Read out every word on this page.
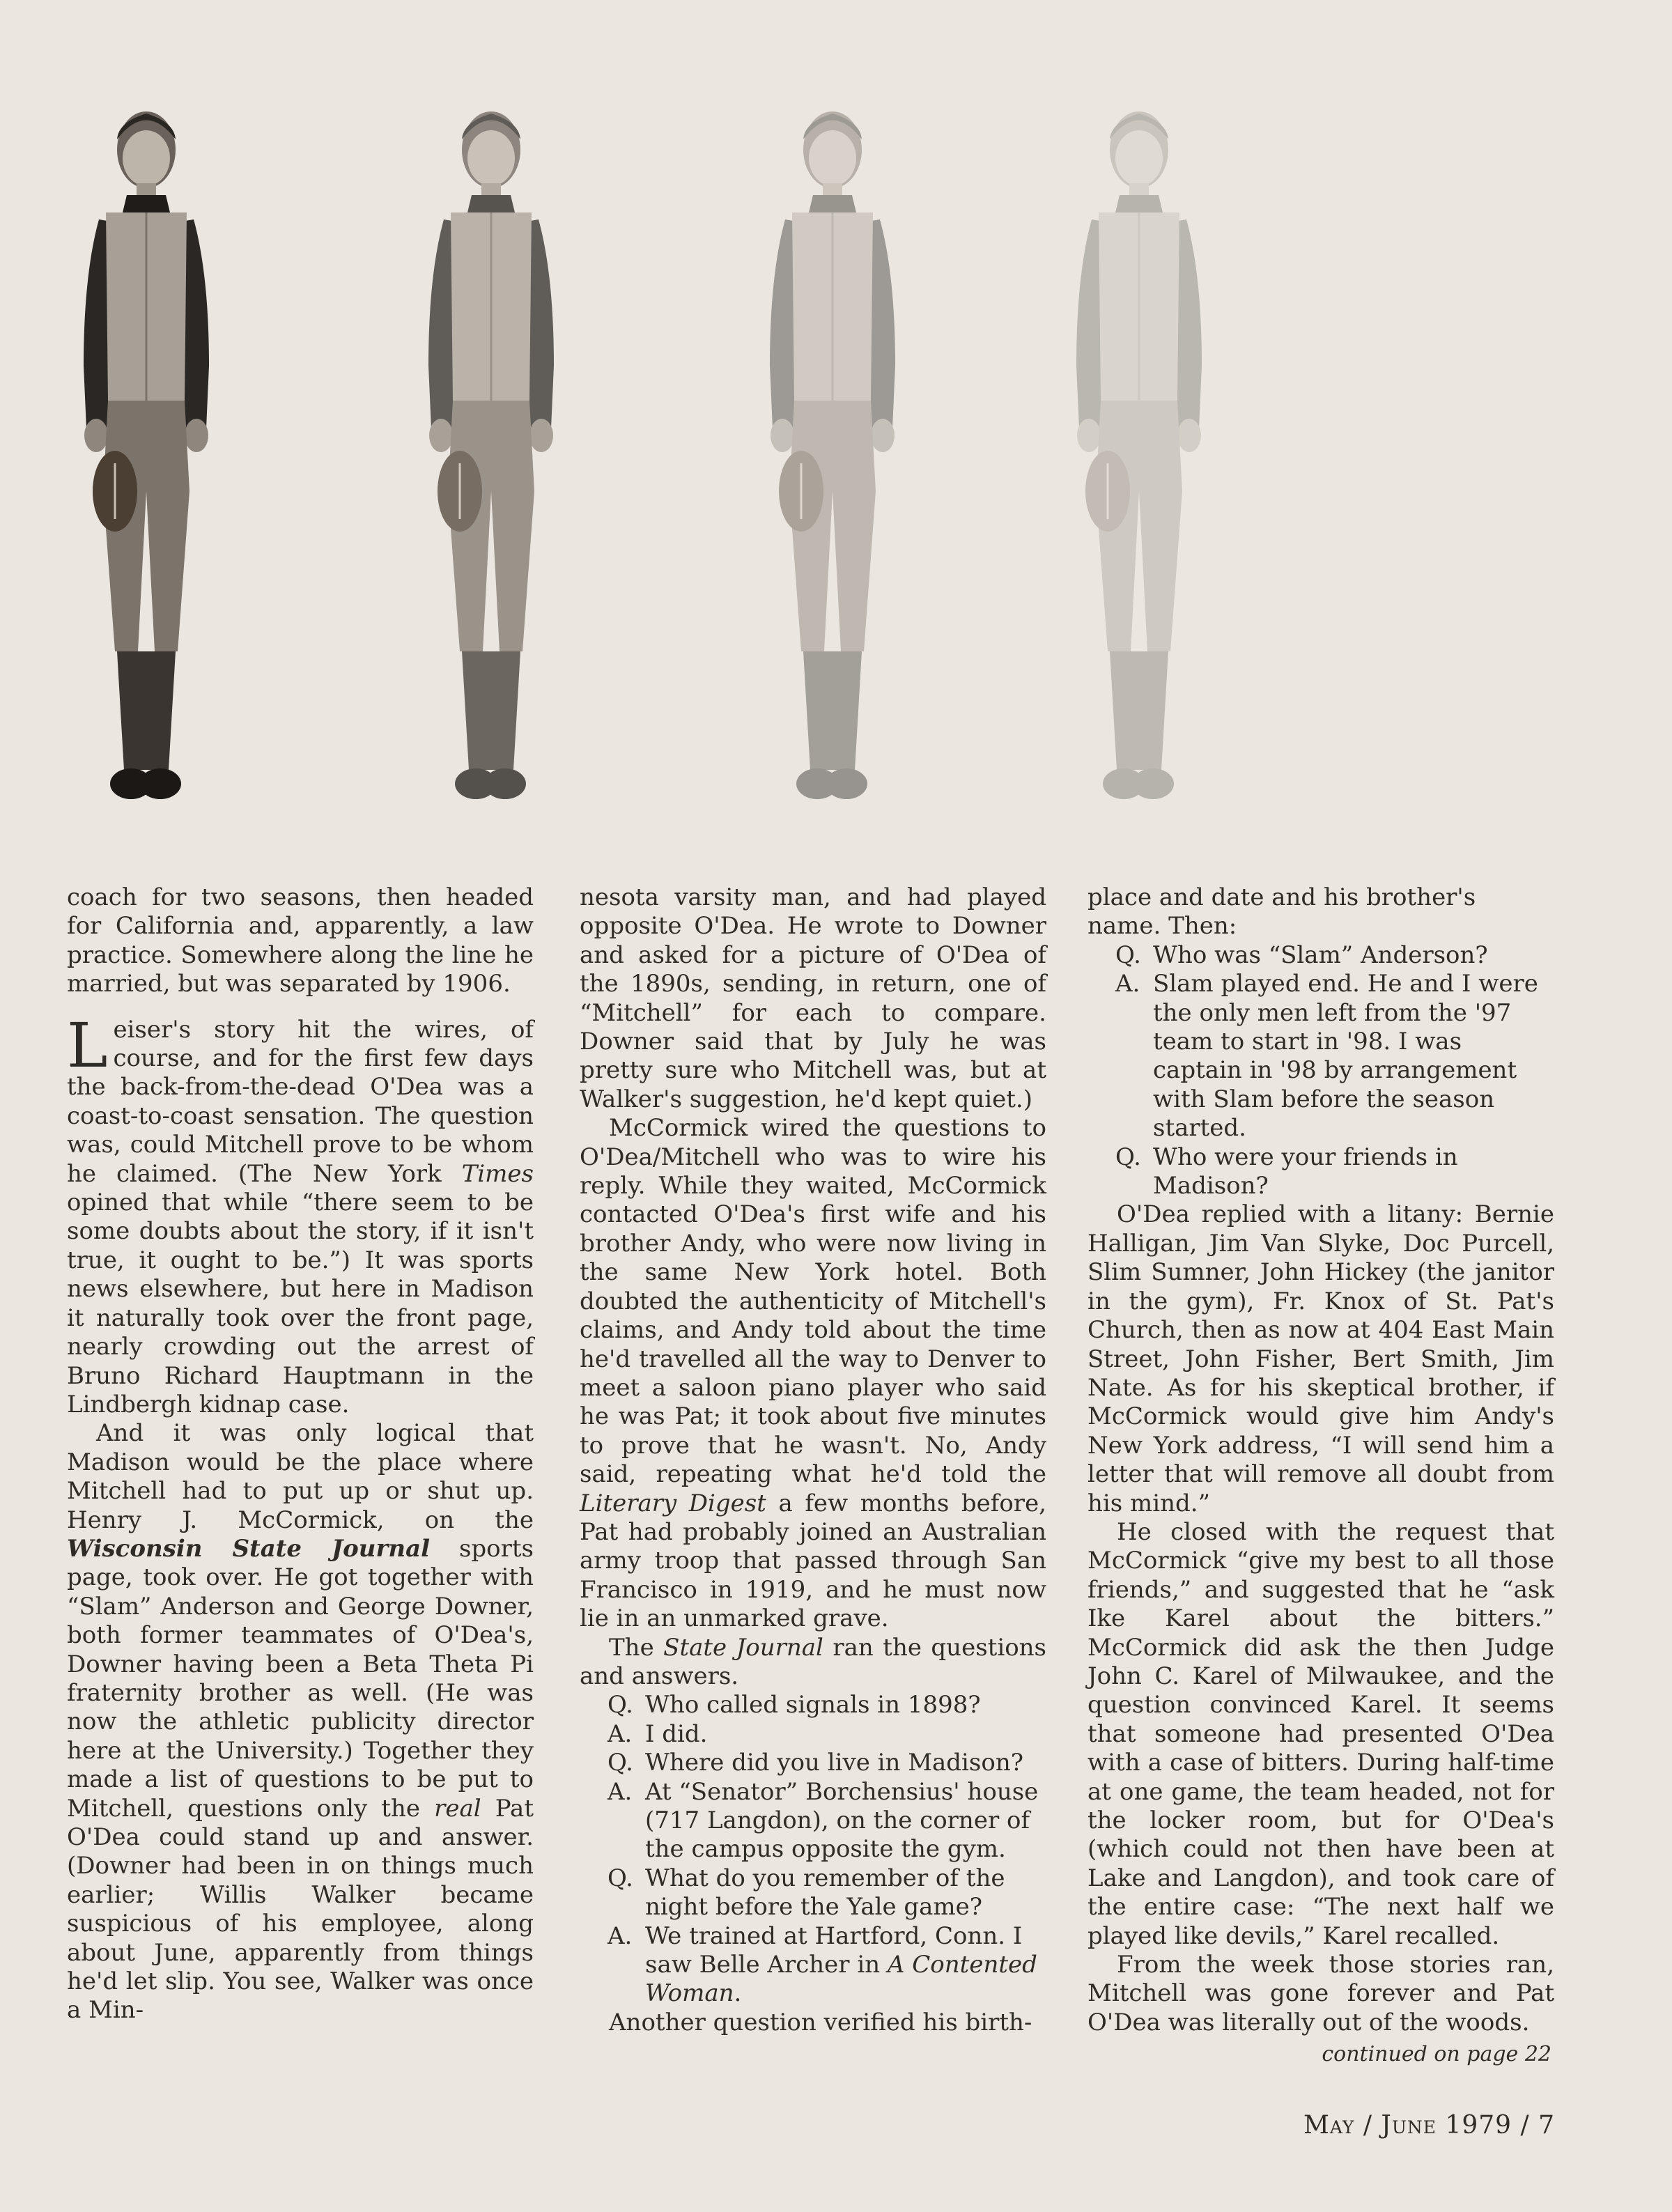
coach for two seasons, then headed for California and, apparently, a law practice. Somewhere along the line he married, but was separated by 1906.

Leiser's story hit the wires, of course, and for the first few days the back-from-the-dead O'Dea was a coast-to-coast sensation. The question was, could Mitchell prove to be whom he claimed. (The New York Times opined that while “there seem to be some doubts about the story, if it isn't true, it ought to be.”) It was sports news elsewhere, but here in Madison it naturally took over the front page, nearly crowding out the arrest of Bruno Richard Hauptmann in the Lindbergh kidnap case.

And it was only logical that Madison would be the place where Mitchell had to put up or shut up. Henry J. McCormick, on the Wisconsin State Journal sports page, took over. He got together with “Slam” Anderson and George Downer, both former teammates of O'Dea's, Downer having been a Beta Theta Pi fraternity brother as well. (He was now the athletic publicity director here at the University.) Together they made a list of questions to be put to Mitchell, questions only the real Pat O'Dea could stand up and answer. (Downer had been in on things much earlier; Willis Walker became suspicious of his employee, along about June, apparently from things he'd let slip. You see, Walker was once a Min-

nesota varsity man, and had played opposite O'Dea. He wrote to Downer and asked for a picture of O'Dea of the 1890s, sending, in return, one of “Mitchell” for each to compare. Downer said that by July he was pretty sure who Mitchell was, but at Walker's suggestion, he'd kept quiet.)

McCormick wired the questions to O'Dea/Mitchell who was to wire his reply. While they waited, McCormick contacted O'Dea's first wife and his brother Andy, who were now living in the same New York hotel. Both doubted the authenticity of Mitchell's claims, and Andy told about the time he'd travelled all the way to Denver to meet a saloon piano player who said he was Pat; it took about five minutes to prove that he wasn't. No, Andy said, repeating what he'd told the Literary Digest a few months before, Pat had probably joined an Australian army troop that passed through San Francisco in 1919, and he must now lie in an unmarked grave.

The State Journal ran the questions and answers.

Q. Who called signals in 1898?
A. I did.
Q. Where did you live in Madison?
A. At “Senator” Borchensius' house (717 Langdon), on the corner of the campus opposite the gym.
Q. What do you remember of the night before the Yale game?
A. We trained at Hartford, Conn. I saw Belle Archer in A Contented Woman.

Another question verified his birth-

place and date and his brother's name. Then:

Q. Who was “Slam” Anderson?
A. Slam played end. He and I were the only men left from the '97 team to start in '98. I was captain in '98 by arrangement with Slam before the season started.
Q. Who were your friends in Madison?

O'Dea replied with a litany: Bernie Halligan, Jim Van Slyke, Doc Purcell, Slim Sumner, John Hickey (the janitor in the gym), Fr. Knox of St. Pat's Church, then as now at 404 East Main Street, John Fisher, Bert Smith, Jim Nate. As for his skeptical brother, if McCormick would give him Andy's New York address, “I will send him a letter that will remove all doubt from his mind.”

He closed with the request that McCormick “give my best to all those friends,” and suggested that he “ask Ike Karel about the bitters.” McCormick did ask the then Judge John C. Karel of Milwaukee, and the question convinced Karel. It seems that someone had presented O'Dea with a case of bitters. During half-time at one game, the team headed, not for the locker room, but for O'Dea's (which could not then have been at Lake and Langdon), and took care of the entire case: “The next half we played like devils,” Karel recalled.

From the week those stories ran, Mitchell was gone forever and Pat O'Dea was literally out of the woods.

continued on page 22

May / June 1979 / 7
